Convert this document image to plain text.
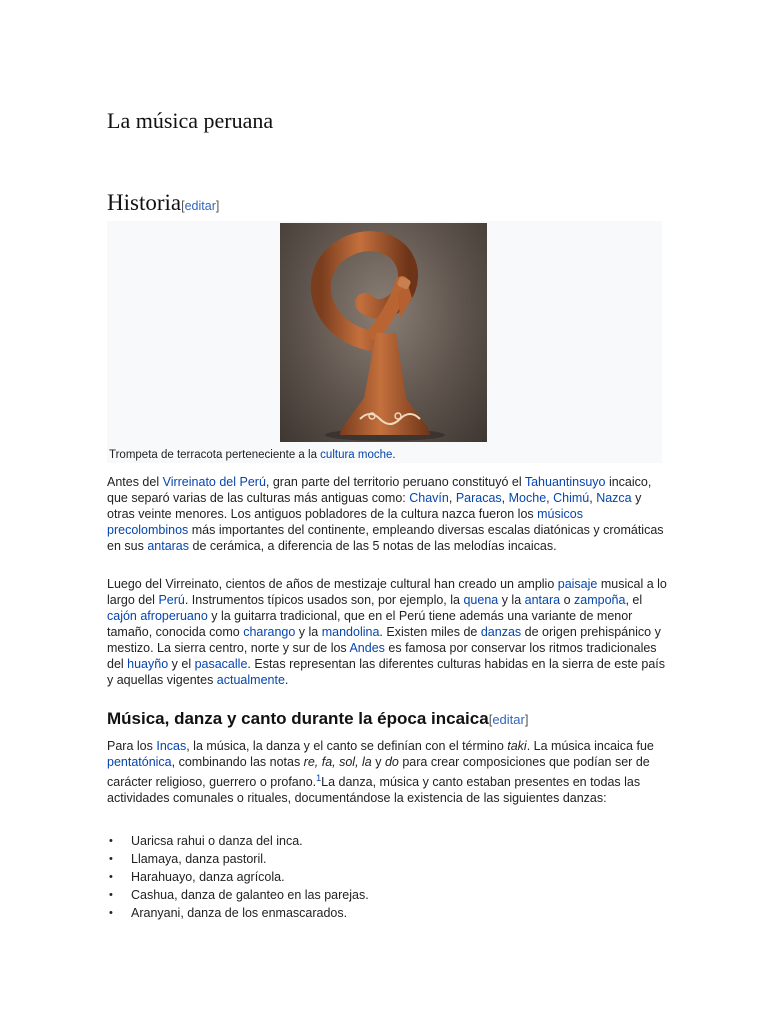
La música peruana
Historia[editar]
Trompeta de terracota perteneciente a la cultura moche.

Antes del Virreinato del Perú, gran parte del territorio peruano constituyó el Tahuantinsuyo incaico, que separó varias de las culturas más antiguas como: Chavín, Paracas, Moche, Chimú, Nazca y otras veinte menores. Los antiguos pobladores de la cultura nazca fueron los músicos precolombinos más importantes del continente, empleando diversas escalas diatónicas y cromáticas en sus antaras de cerámica, a diferencia de las 5 notas de las melodías incaicas.

Luego del Virreinato, cientos de años de mestizaje cultural han creado un amplio paisaje musical a lo largo del Perú. Instrumentos típicos usados son, por ejemplo, la quena y la antara o zampoña, el cajón afroperuano y la guitarra tradicional, que en el Perú tiene además una variante de menor tamaño, conocida como charango y la mandolina. Existen miles de danzas de origen prehispánico y mestizo. La sierra centro, norte y sur de los Andes es famosa por conservar los ritmos tradicionales del huayño y el pasacalle. Estas representan las diferentes culturas habidas en la sierra de este país y aquellas vigentes actualmente.

Música, danza y canto durante la época incaica[editar]

Para los Incas, la música, la danza y el canto se definían con el término taki. La música incaica fue pentatónica, combinando las notas re, fa, sol, la y do para crear composiciones que podían ser de carácter religioso, guerrero o profano.$^1$La danza, música y canto estaban presentes en todas las actividades comunales o rituales, documentándose la existencia de las siguientes danzas:

• Uaricsa rahui o danza del inca.
• Llamaya, danza pastoril.
• Harahuayo, danza agrícola.
• Cashua, danza de galanteo en las parejas.
• Aranyani, danza de los enmascarados.
